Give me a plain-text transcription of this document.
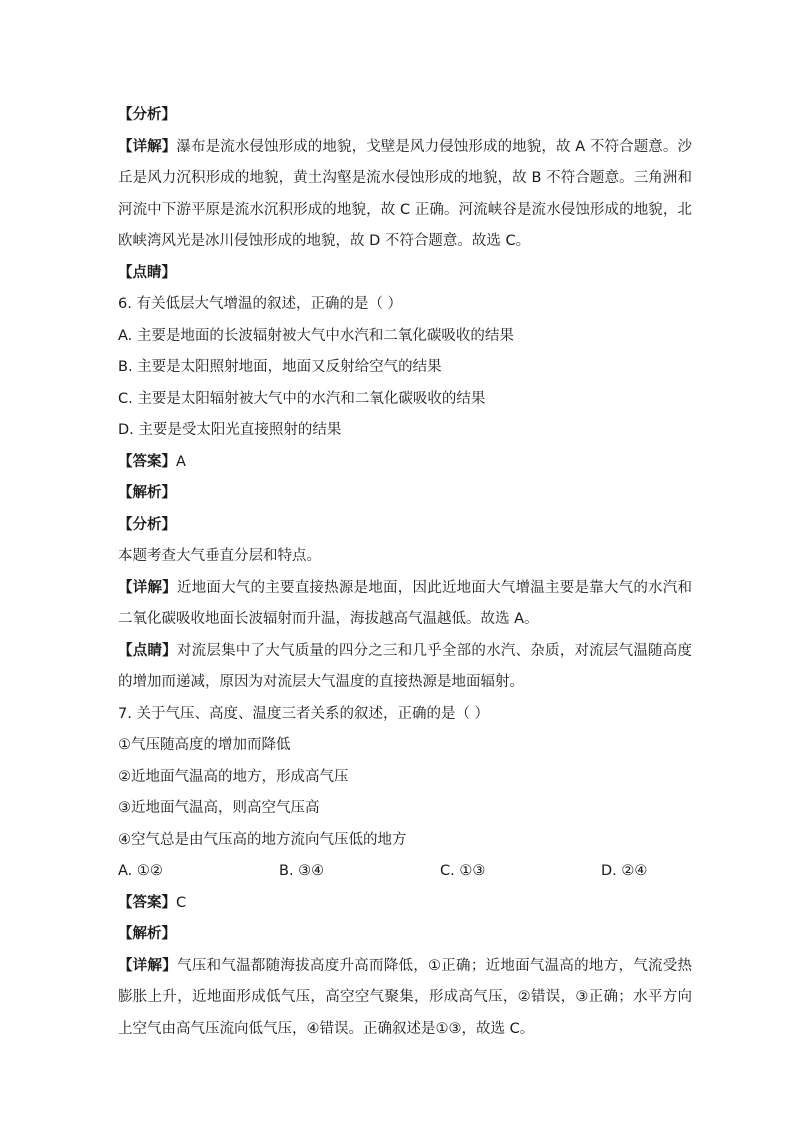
【分析】
【详解】瀑布是流水侵蚀形成的地貌，戈壁是风力侵蚀形成的地貌，故 A 不符合题意。沙丘是风力沉积形成的地貌，黄土沟壑是流水侵蚀形成的地貌，故 B 不符合题意。三角洲和河流中下游平原是流水沉积形成的地貌，故 C 正确。河流峡谷是流水侵蚀形成的地貌，北欧峡湾风光是冰川侵蚀形成的地貌，故 D 不符合题意。故选 C。
【点睛】
6. 有关低层大气增温的叙述，正确的是（ ）
A. 主要是地面的长波辐射被大气中水汽和二氧化碳吸收的结果
B. 主要是太阳照射地面，地面又反射给空气的结果
C. 主要是太阳辐射被大气中的水汽和二氧化碳吸收的结果
D. 主要是受太阳光直接照射的结果
【答案】A
【解析】
【分析】
本题考查大气垂直分层和特点。
【详解】近地面大气的主要直接热源是地面，因此近地面大气增温主要是靠大气的水汽和二氧化碳吸收地面长波辐射而升温，海拔越高气温越低。故选 A。
【点睛】对流层集中了大气质量的四分之三和几乎全部的水汽、杂质，对流层气温随高度的增加而递减，原因为对流层大气温度的直接热源是地面辐射。
7. 关于气压、高度、温度三者关系的叙述，正确的是（ ）
①气压随高度的增加而降低
②近地面气温高的地方，形成高气压
③近地面气温高，则高空气压高
④空气总是由气压高的地方流向气压低的地方
A. ①②	B. ③④	C. ①③	D. ②④
【答案】C
【解析】
【详解】气压和气温都随海拔高度升高而降低，①正确；近地面气温高的地方，气流受热膨胀上升，近地面形成低气压，高空空气聚集，形成高气压，②错误，③正确；水平方向上空气由高气压流向低气压，④错误。正确叙述是①③，故选 C。
